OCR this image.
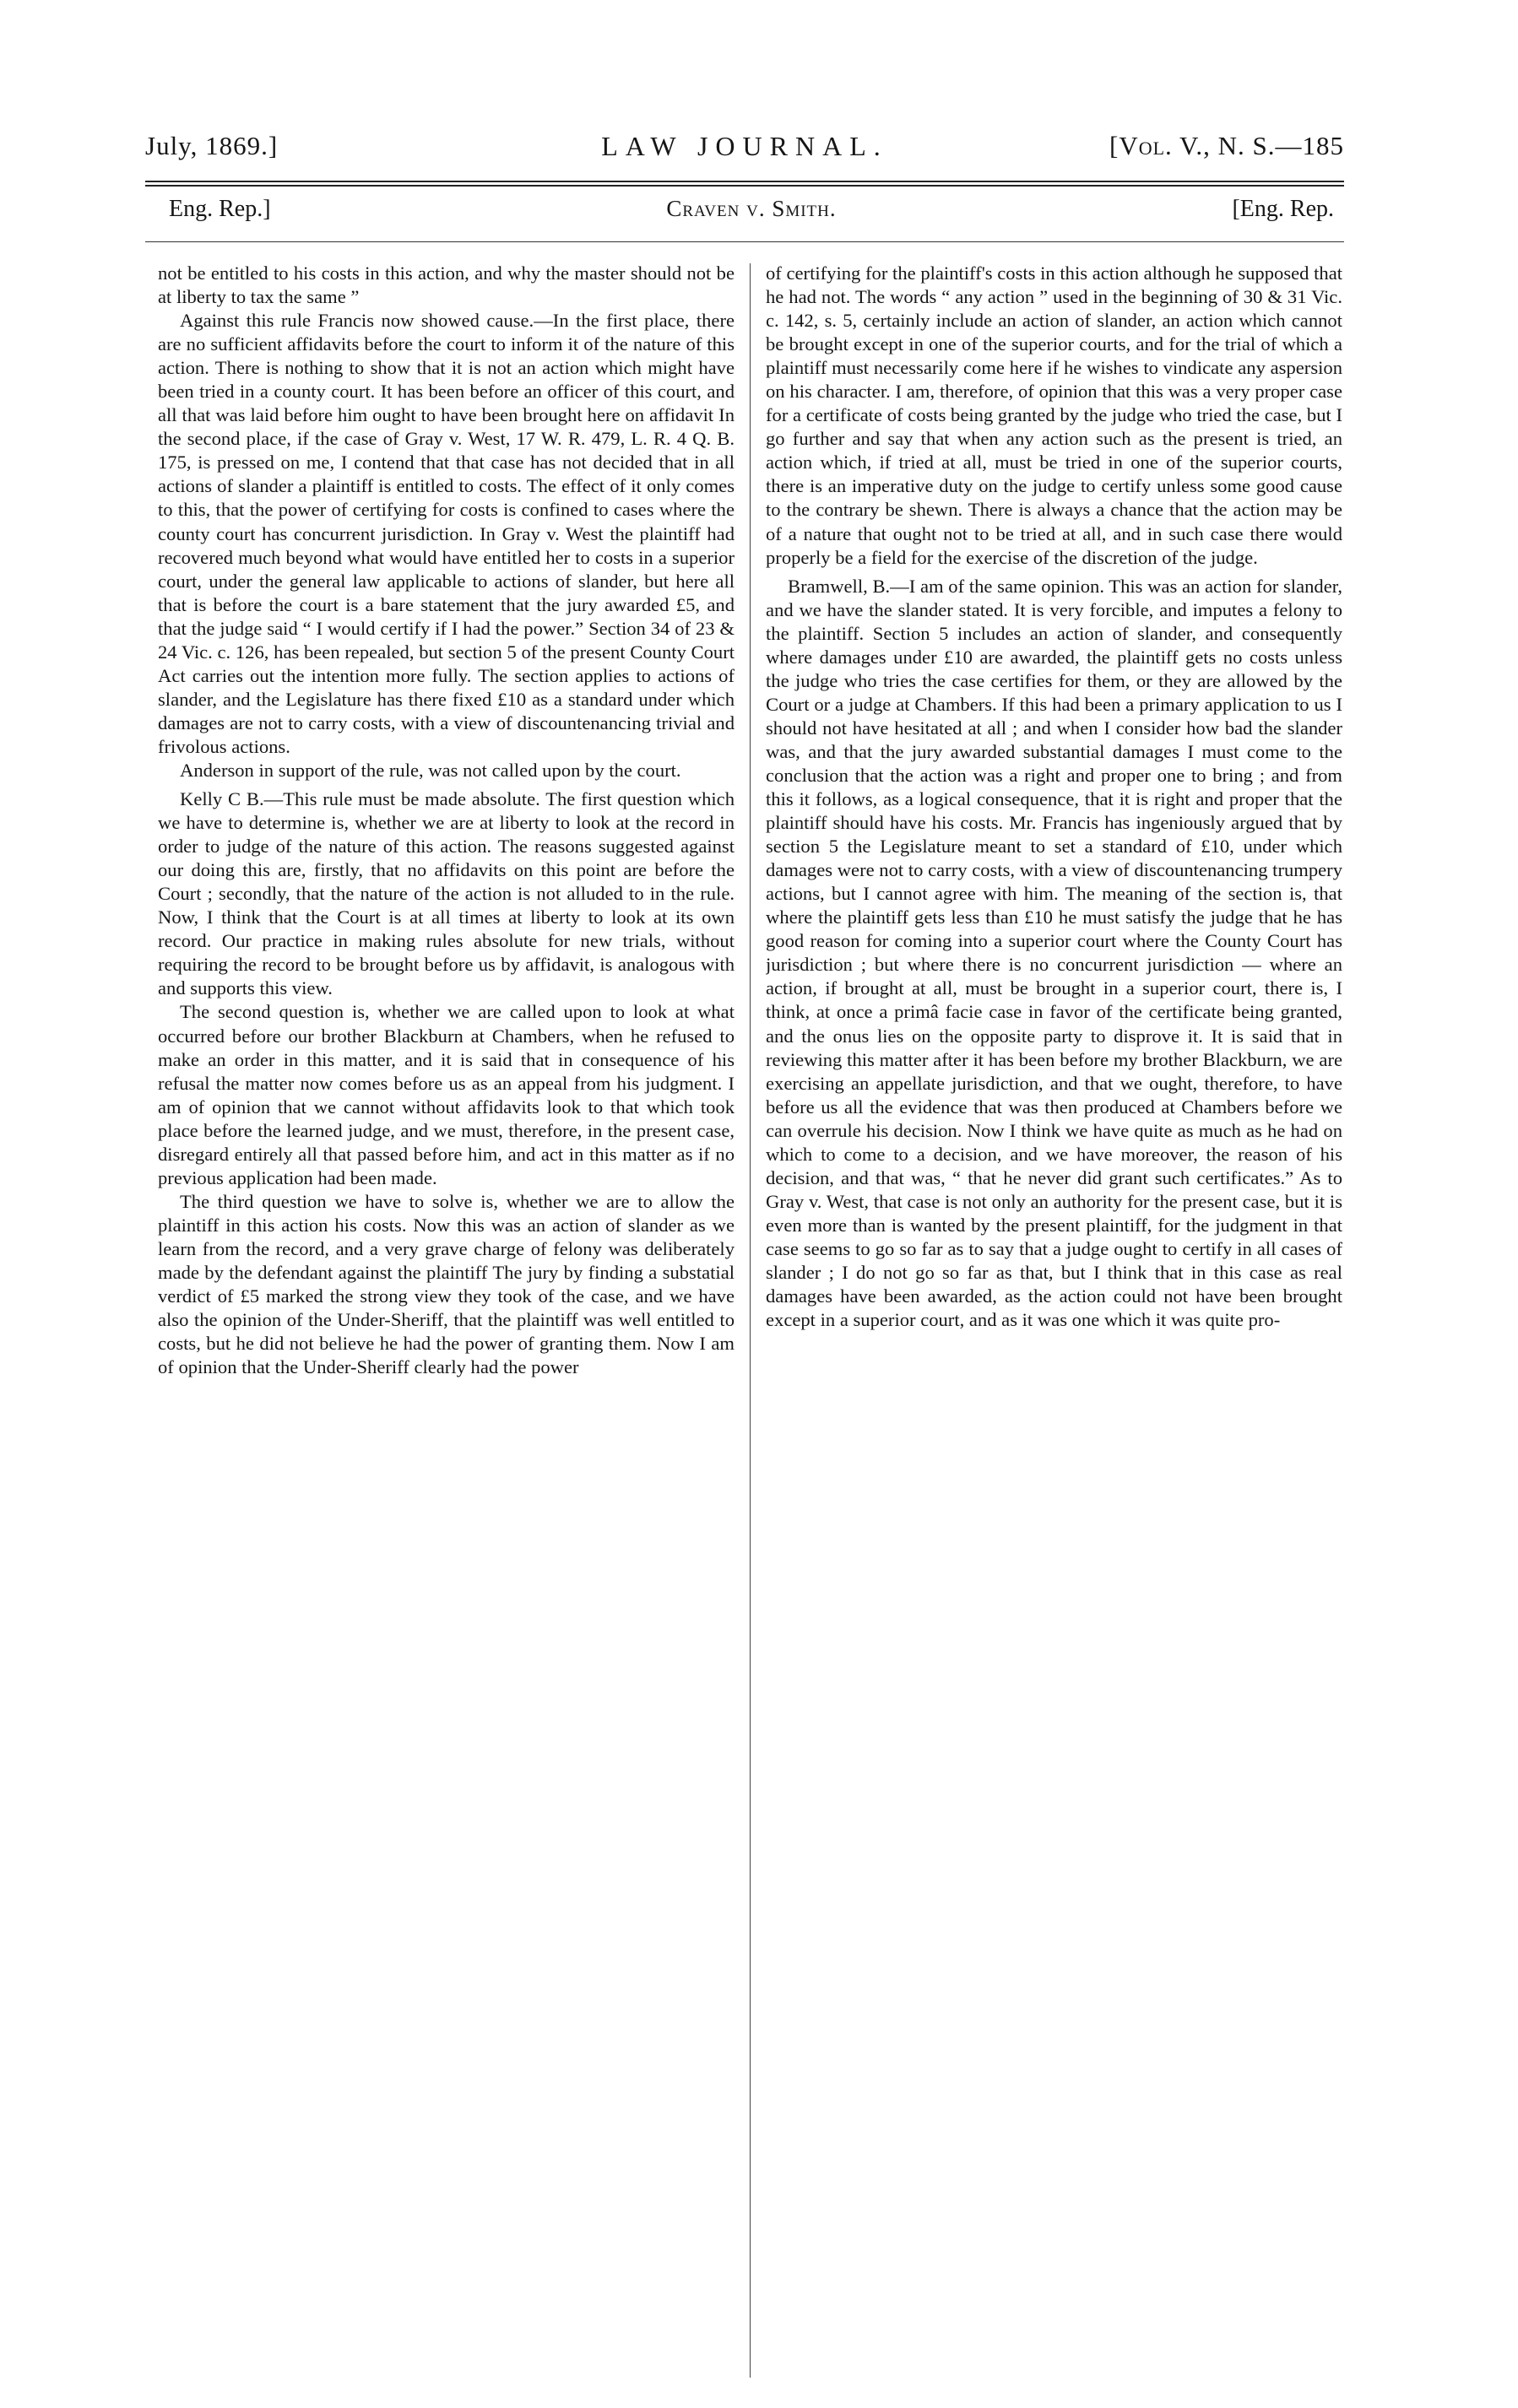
July, 1869.]	LAW JOURNAL.	[Vol. V., N. S.—185
Eng. Rep.]	Craven v. Smith.	[Eng. Rep.

not be entitled to his costs in this action, and why the master should not be at liberty to tax the same ”

Against this rule Francis now showed cause.—In the first place, there are no sufficient affidavits before the court to inform it of the nature of this action. There is nothing to show that it is not an action which might have been tried in a county court. It has been before an officer of this court, and all that was laid before him ought to have been brought here on affidavit In the second place, if the case of Gray v. West, 17 W. R. 479, L. R. 4 Q. B. 175, is pressed on me, I contend that that case has not decided that in all actions of slander a plaintiff is entitled to costs. The effect of it only comes to this, that the power of certifying for costs is confined to cases where the county court has concurrent jurisdiction. In Gray v. West the plaintiff had recovered much beyond what would have entitled her to costs in a superior court, under the general law applicable to actions of slander, but here all that is before the court is a bare statement that the jury awarded £5, and that the judge said “ I would certify if I had the power.” Section 34 of 23 & 24 Vic. c. 126, has been repealed, but section 5 of the present County Court Act carries out the intention more fully. The section applies to actions of slander, and the Legislature has there fixed £10 as a standard under which damages are not to carry costs, with a view of discountenancing trivial and frivolous actions.

Anderson in support of the rule, was not called upon by the court.

Kelly C B.—This rule must be made absolute. The first question which we have to determine is, whether we are at liberty to look at the record in order to judge of the nature of this action. The reasons suggested against our doing this are, firstly, that no affidavits on this point are before the Court ; secondly, that the nature of the action is not alluded to in the rule. Now, I think that the Court is at all times at liberty to look at its own record. Our practice in making rules absolute for new trials, without requiring the record to be brought before us by affidavit, is analogous with and supports this view.

The second question is, whether we are called upon to look at what occurred before our brother Blackburn at Chambers, when he refused to make an order in this matter, and it is said that in consequence of his refusal the matter now comes before us as an appeal from his judgment. I am of opinion that we cannot without affidavits look to that which took place before the learned judge, and we must, therefore, in the present case, disregard entirely all that passed before him, and act in this matter as if no previous application had been made.

The third question we have to solve is, whether we are to allow the plaintiff in this action his costs. Now this was an action of slander as we learn from the record, and a very grave charge of felony was deliberately made by the defendant against the plaintiff The jury by finding a substatial verdict of £5 marked the strong view they took of the case, and we have also the opinion of the Under-Sheriff, that the plaintiff was well entitled to costs, but he did not believe he had the power of granting them. Now I am of opinion that the Under-Sheriff clearly had the power

of certifying for the plaintiff's costs in this action although he supposed that he had not. The words “ any action ” used in the beginning of 30 & 31 Vic. c. 142, s. 5, certainly include an action of slander, an action which cannot be brought except in one of the superior courts, and for the trial of which a plaintiff must necessarily come here if he wishes to vindicate any aspersion on his character. I am, therefore, of opinion that this was a very proper case for a certificate of costs being granted by the judge who tried the case, but I go further and say that when any action such as the present is tried, an action which, if tried at all, must be tried in one of the superior courts, there is an imperative duty on the judge to certify unless some good cause to the contrary be shewn. There is always a chance that the action may be of a nature that ought not to be tried at all, and in such case there would properly be a field for the exercise of the discretion of the judge.

Bramwell, B.—I am of the same opinion. This was an action for slander, and we have the slander stated. It is very forcible, and imputes a felony to the plaintiff. Section 5 includes an action of slander, and consequently where damages under £10 are awarded, the plaintiff gets no costs unless the judge who tries the case certifies for them, or they are allowed by the Court or a judge at Chambers. If this had been a primary application to us I should not have hesitated at all ; and when I consider how bad the slander was, and that the jury awarded substantial damages I must come to the conclusion that the action was a right and proper one to bring ; and from this it follows, as a logical consequence, that it is right and proper that the plaintiff should have his costs. Mr. Francis has ingeniously argued that by section 5 the Legislature meant to set a standard of £10, under which damages were not to carry costs, with a view of discountenancing trumpery actions, but I cannot agree with him. The meaning of the section is, that where the plaintiff gets less than £10 he must satisfy the judge that he has good reason for coming into a superior court where the County Court has jurisdiction ; but where there is no concurrent jurisdiction — where an action, if brought at all, must be brought in a superior court, there is, I think, at once a primâ facie case in favor of the certificate being granted, and the onus lies on the opposite party to disprove it. It is said that in reviewing this matter after it has been before my brother Blackburn, we are exercising an appellate jurisdiction, and that we ought, therefore, to have before us all the evidence that was then produced at Chambers before we can overrule his decision. Now I think we have quite as much as he had on which to come to a decision, and we have moreover, the reason of his decision, and that was, “ that he never did grant such certificates.” As to Gray v. West, that case is not only an authority for the present case, but it is even more than is wanted by the present plaintiff, for the judgment in that case seems to go so far as to say that a judge ought to certify in all cases of slander ; I do not go so far as that, but I think that in this case as real damages have been awarded, as the action could not have been brought except in a superior court, and as it was one which it was quite pro-
